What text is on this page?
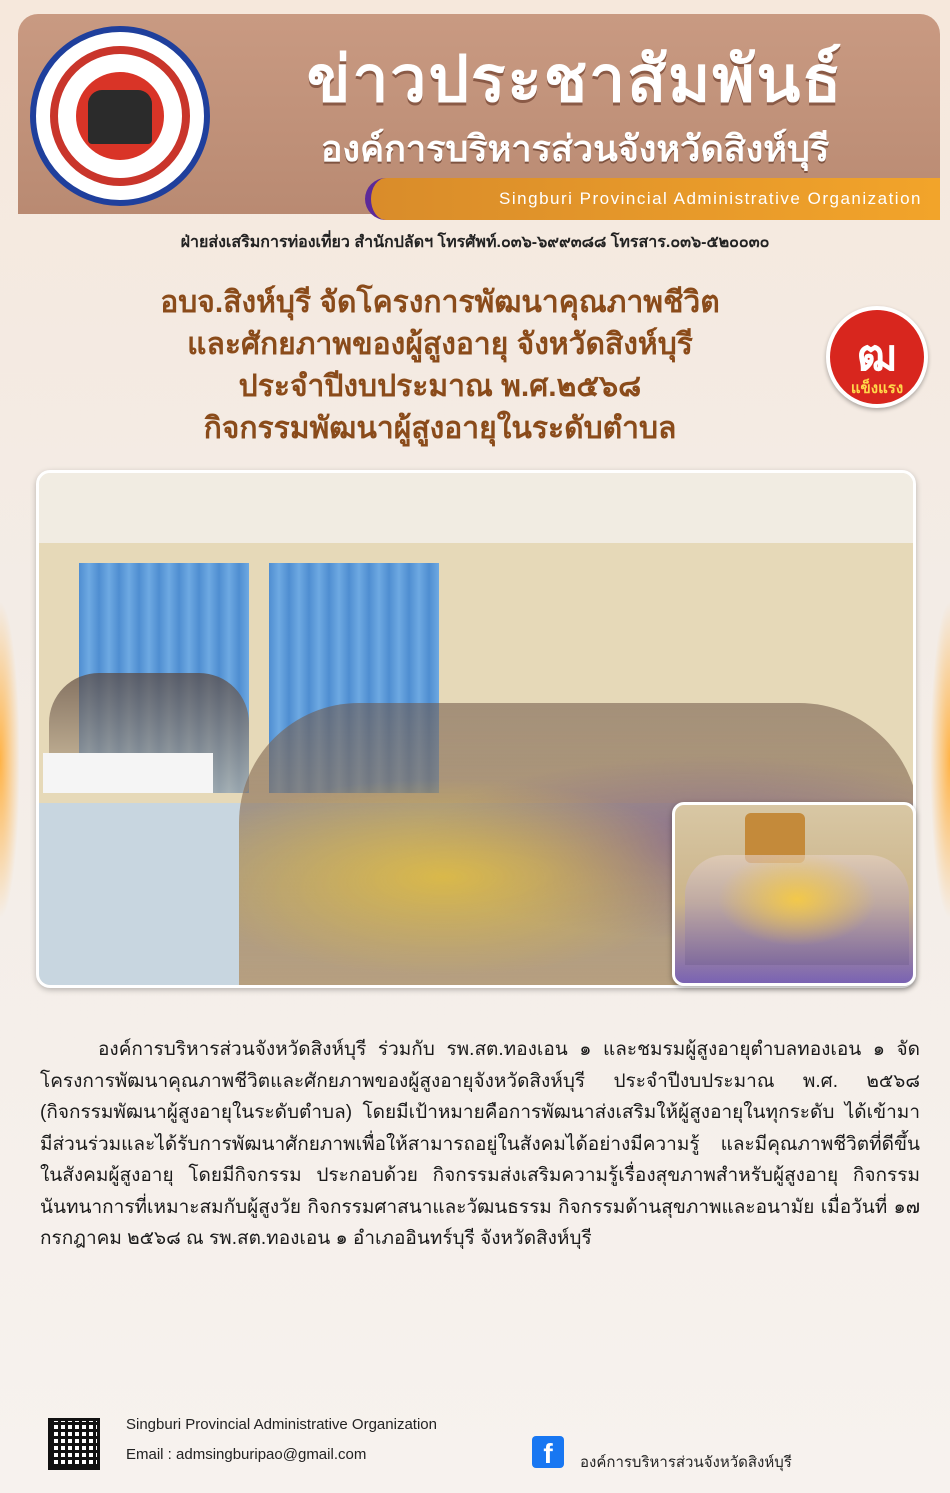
ข่าวประชาสัมพันธ์
องค์การบริหารส่วนจังหวัดสิงห์บุรี
Singburi Provincial Administrative Organization
ฝ่ายส่งเสริมการท่องเที่ยว สำนักปลัดฯ โทรศัพท์.๐๓๖-๖๙๙๓๘๘ โทรสาร.๐๓๖-๕๒๐๐๓๐
อบจ.สิงห์บุรี จัดโครงการพัฒนาคุณภาพชีวิต
และศักยภาพของผู้สูงอายุ จังหวัดสิงห์บุรี
ประจำปีงบประมาณ พ.ศ.๒๕๖๘
กิจกรรมพัฒนาผู้สูงอายุในระดับตำบล
ฒ
แข็งแรง
องค์การบริหารส่วนจังหวัดสิงห์บุรี ร่วมกับ รพ.สต.ทองเอน ๑ และชมรมผู้สูงอายุตำบลทองเอน ๑ จัดโครงการพัฒนาคุณภาพชีวิตและศักยภาพของผู้สูงอายุจังหวัดสิงห์บุรี ประจำปีงบประมาณ พ.ศ. ๒๕๖๘ (กิจกรรมพัฒนาผู้สูงอายุในระดับตำบล) โดยมีเป้าหมายคือการพัฒนาส่งเสริมให้ผู้สูงอายุในทุกระดับ ได้เข้ามามีส่วนร่วมและได้รับการพัฒนาศักยภาพเพื่อให้สามารถอยู่ในสังคมได้อย่างมีความรู้ และมีคุณภาพชีวิตที่ดีขึ้นในสังคมผู้สูงอายุ โดยมีกิจกรรม ประกอบด้วย กิจกรรมส่งเสริมความรู้เรื่องสุขภาพสำหรับผู้สูงอายุ กิจกรรมนันทนาการที่เหมาะสมกับผู้สูงวัย กิจกรรมศาสนาและวัฒนธรรม กิจกรรมด้านสุขภาพและอนามัย เมื่อวันที่ ๑๗ กรกฎาคม ๒๕๖๘ ณ รพ.สต.ทองเอน ๑ อำเภออินทร์บุรี จังหวัดสิงห์บุรี
Singburi Provincial Administrative Organization
Email : admsingburipao@gmail.com	f	องค์การบริหารส่วนจังหวัดสิงห์บุรี
